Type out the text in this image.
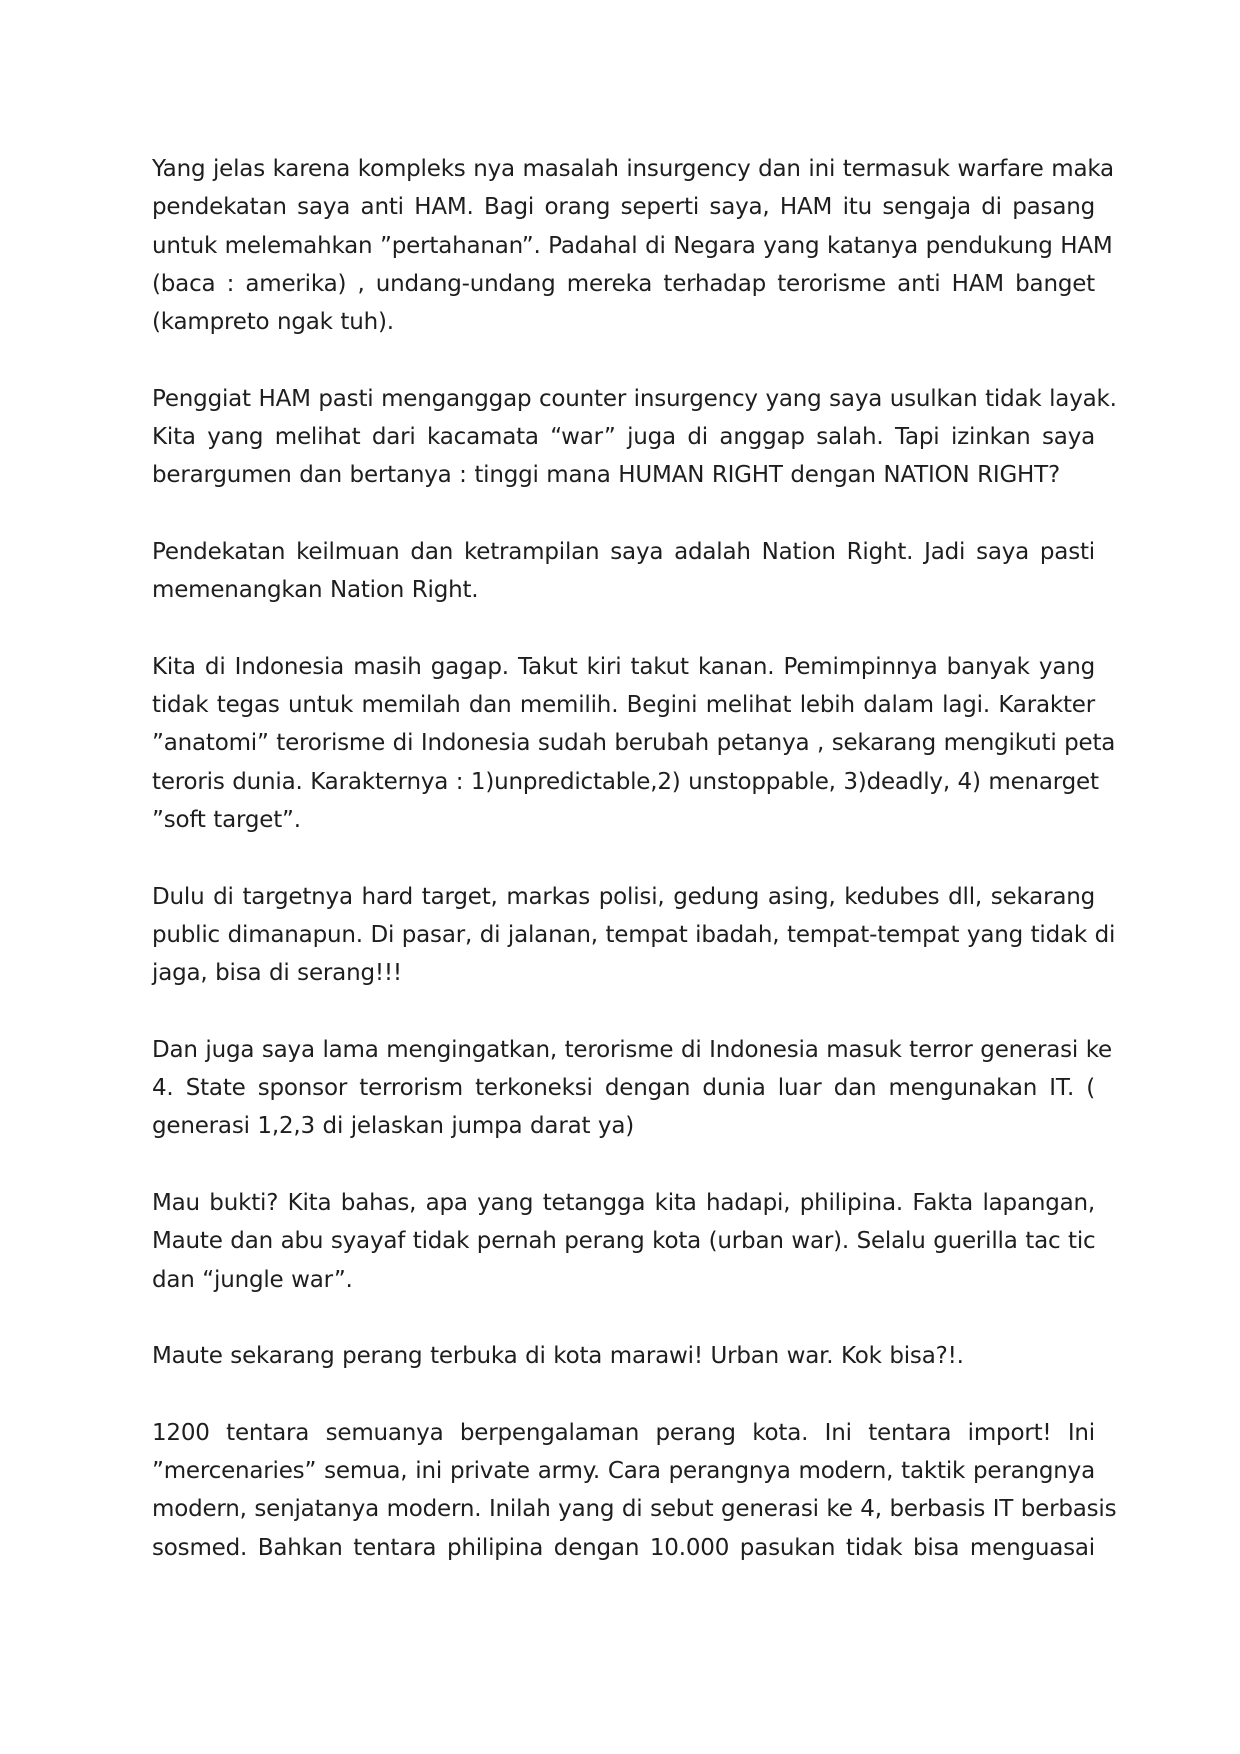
Yang jelas karena kompleks nya masalah insurgency dan ini termasuk warfare maka
pendekatan saya anti HAM. Bagi orang seperti saya, HAM itu sengaja di pasang
untuk melemahkan ”pertahanan”. Padahal di Negara yang katanya pendukung HAM
(baca : amerika) , undang-undang mereka terhadap terorisme anti HAM banget
(kampreto ngak tuh).
Penggiat HAM pasti menganggap counter insurgency yang saya usulkan tidak layak.
Kita yang melihat dari kacamata “war” juga di anggap salah. Tapi izinkan saya
berargumen dan bertanya : tinggi mana HUMAN RIGHT dengan NATION RIGHT?
Pendekatan keilmuan dan ketrampilan saya adalah Nation Right. Jadi saya pasti
memenangkan Nation Right.
Kita di Indonesia masih gagap. Takut kiri takut kanan. Pemimpinnya banyak yang
tidak tegas untuk memilah dan memilih. Begini melihat lebih dalam lagi. Karakter
”anatomi” terorisme di Indonesia sudah berubah petanya , sekarang mengikuti peta
teroris dunia. Karakternya : 1)unpredictable,2) unstoppable, 3)deadly, 4) menarget
”soft target”.
Dulu di targetnya hard target, markas polisi, gedung asing, kedubes dll, sekarang
public dimanapun. Di pasar, di jalanan, tempat ibadah, tempat-tempat yang tidak di
jaga, bisa di serang!!!
Dan juga saya lama mengingatkan, terorisme di Indonesia masuk terror generasi ke
4. State sponsor terrorism terkoneksi dengan dunia luar dan mengunakan IT. (
generasi 1,2,3 di jelaskan jumpa darat ya)
Mau bukti? Kita bahas, apa yang tetangga kita hadapi, philipina. Fakta lapangan,
Maute dan abu syayaf tidak pernah perang kota (urban war). Selalu guerilla tac tic
dan “jungle war”.
Maute sekarang perang terbuka di kota marawi! Urban war. Kok bisa?!.
1200 tentara semuanya berpengalaman perang kota. Ini tentara import! Ini
”mercenaries” semua, ini private army. Cara perangnya modern, taktik perangnya
modern, senjatanya modern. Inilah yang di sebut generasi ke 4, berbasis IT berbasis
sosmed. Bahkan tentara philipina dengan 10.000 pasukan tidak bisa menguasai
